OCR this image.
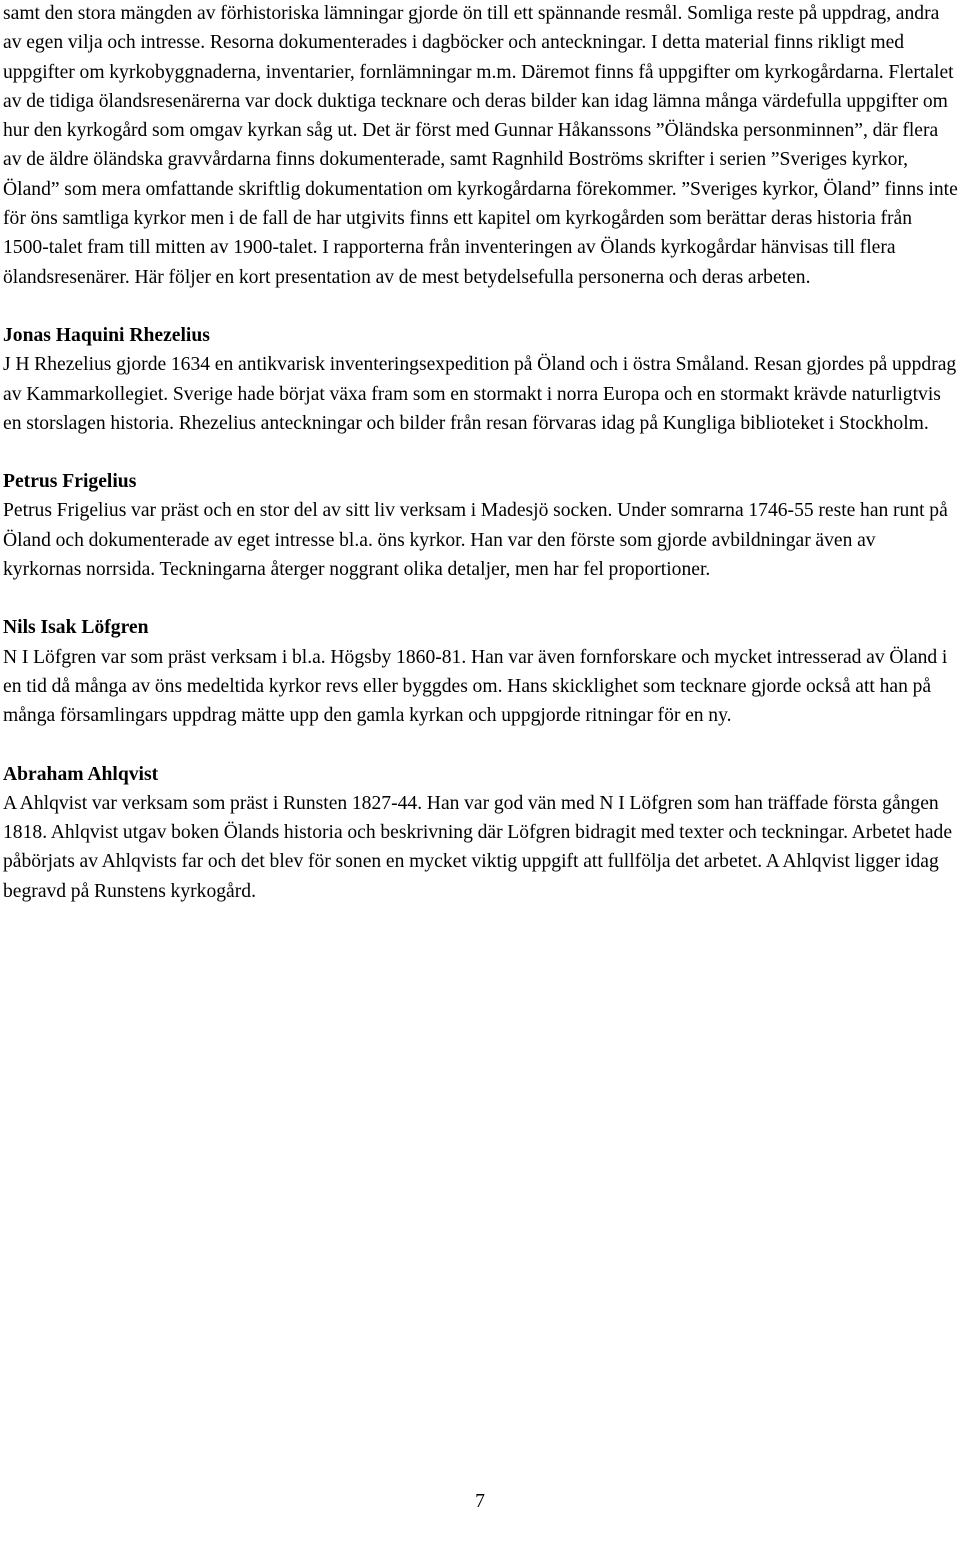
samt den stora mängden av förhistoriska lämningar gjorde ön till ett spännande resmål. Somliga reste på uppdrag, andra av egen vilja och intresse. Resorna dokumenterades i dagböcker och anteckningar. I detta material finns rikligt med uppgifter om kyrkobyggnaderna, inventarier, fornlämningar m.m. Däremot finns få uppgifter om kyrkogårdarna. Flertalet av de tidiga ölandsresenärerna var dock duktiga tecknare och deras bilder kan idag lämna många värdefulla uppgifter om hur den kyrkogård som omgav kyrkan såg ut. Det är först med Gunnar Håkanssons ”Öländska personminnen”, där flera av de äldre öländska gravvårdarna finns dokumenterade, samt Ragnhild Boströms skrifter i serien ”Sveriges kyrkor, Öland” som mera omfattande skriftlig dokumentation om kyrkogårdarna förekommer. ”Sveriges kyrkor, Öland” finns inte för öns samtliga kyrkor men i de fall de har utgivits finns ett kapitel om kyrkogården som berättar deras historia från 1500-talet fram till mitten av 1900-talet. I rapporterna från inventeringen av Ölands kyrkogårdar hänvisas till flera ölandsresenärer. Här följer en kort presentation av de mest betydelsefulla personerna och deras arbeten.

Jonas Haquini Rhezelius

J H Rhezelius gjorde 1634 en antikvarisk inventeringsexpedition på Öland och i östra Småland. Resan gjordes på uppdrag av Kammarkollegiet. Sverige hade börjat växa fram som en stormakt i norra Europa och en stormakt krävde naturligtvis en storslagen historia. Rhezelius anteckningar och bilder från resan förvaras idag på Kungliga biblioteket i Stockholm.

Petrus Frigelius

Petrus Frigelius var präst och en stor del av sitt liv verksam i Madesjö socken. Under somrarna 1746-55 reste han runt på Öland och dokumenterade av eget intresse bl.a. öns kyrkor. Han var den förste som gjorde avbildningar även av kyrkornas norrsida. Teckningarna återger noggrant olika detaljer, men har fel proportioner.

Nils Isak Löfgren

N I Löfgren var som präst verksam i bl.a. Högsby 1860-81. Han var även fornforskare och mycket intresserad av Öland i en tid då många av öns medeltida kyrkor revs eller byggdes om. Hans skicklighet som tecknare gjorde också att han på många församlingars uppdrag mätte upp den gamla kyrkan och uppgjorde ritningar för en ny.

Abraham Ahlqvist

A Ahlqvist var verksam som präst i Runsten 1827-44. Han var god vän med N I Löfgren som han träffade första gången 1818. Ahlqvist utgav boken Ölands historia och beskrivning där Löfgren bidragit med texter och teckningar. Arbetet hade påbörjats av Ahlqvists far och det blev för sonen en mycket viktig uppgift att fullfölja det arbetet. A Ahlqvist ligger idag begravd på Runstens kyrkogård.

7
